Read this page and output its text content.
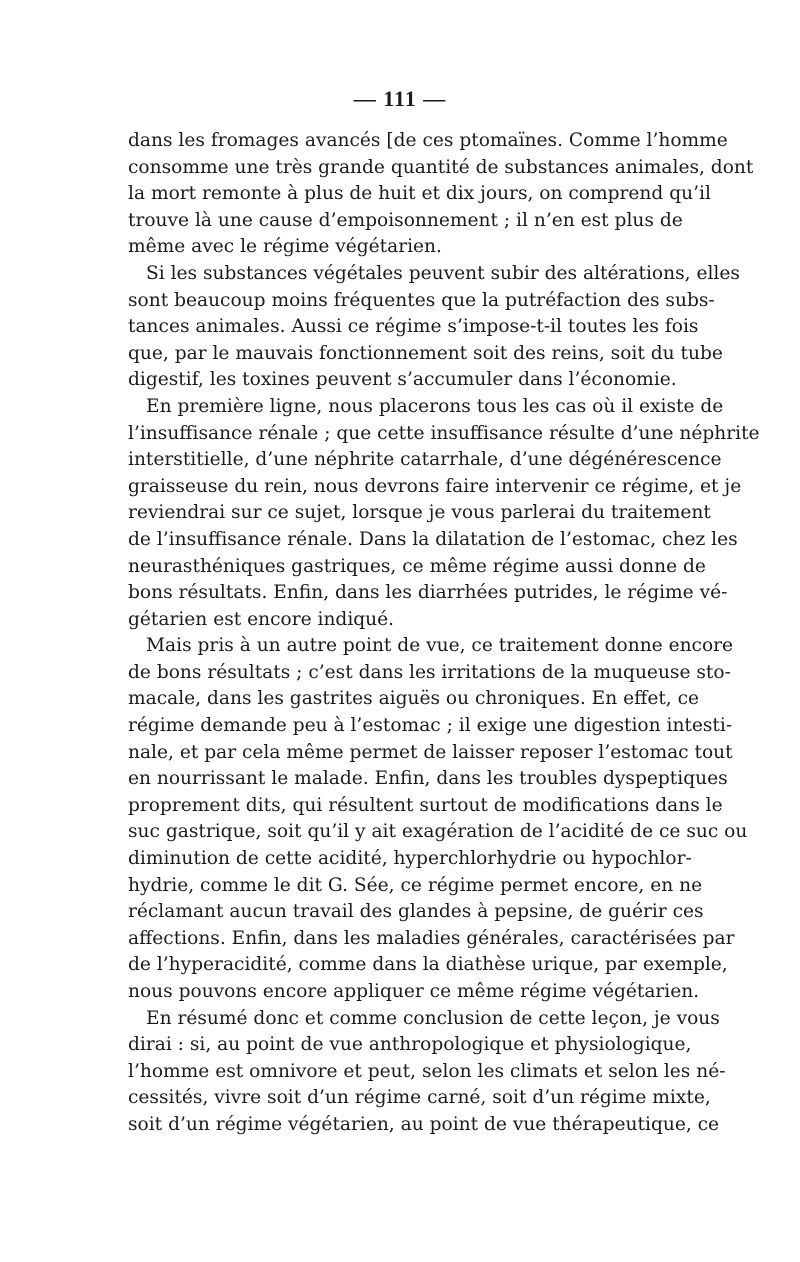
— 111 —
dans les fromages avancés [de ces ptomaïnes. Comme l’homme
consomme une très grande quantité de substances animales, dont
la mort remonte à plus de huit et dix jours, on comprend qu’il
trouve là une cause d’empoisonnement ; il n’en est plus de
même avec le régime végétarien.
Si les substances végétales peuvent subir des altérations, elles
sont beaucoup moins fréquentes que la putréfaction des subs-
tances animales. Aussi ce régime s’impose-t-il toutes les fois
que, par le mauvais fonctionnement soit des reins, soit du tube
digestif, les toxines peuvent s’accumuler dans l’économie.
En première ligne, nous placerons tous les cas où il existe de
l’insuffisance rénale ; que cette insuffisance résulte d’une néphrite
interstitielle, d’une néphrite catarrhale, d’une dégénérescence
graisseuse du rein, nous devrons faire intervenir ce régime, et je
reviendrai sur ce sujet, lorsque je vous parlerai du traitement
de l’insuffisance rénale. Dans la dilatation de l’estomac, chez les
neurasthéniques gastriques, ce même régime aussi donne de
bons résultats. Enfin, dans les diarrhées putrides, le régime vé-
gétarien est encore indiqué.
Mais pris à un autre point de vue, ce traitement donne encore
de bons résultats ; c’est dans les irritations de la muqueuse sto-
macale, dans les gastrites aiguës ou chroniques. En effet, ce
régime demande peu à l’estomac ; il exige une digestion intesti-
nale, et par cela même permet de laisser reposer l’estomac tout
en nourrissant le malade. Enfin, dans les troubles dyspeptiques
proprement dits, qui résultent surtout de modifications dans le
suc gastrique, soit qu’il y ait exagération de l’acidité de ce suc ou
diminution de cette acidité, hyperchlorhydrie ou hypochlor-
hydrie, comme le dit G. Sée, ce régime permet encore, en ne
réclamant aucun travail des glandes à pepsine, de guérir ces
affections. Enfin, dans les maladies générales, caractérisées par
de l’hyperacidité, comme dans la diathèse urique, par exemple,
nous pouvons encore appliquer ce même régime végétarien.
En résumé donc et comme conclusion de cette leçon, je vous
dirai : si, au point de vue anthropologique et physiologique,
l’homme est omnivore et peut, selon les climats et selon les né-
cessités, vivre soit d’un régime carné, soit d’un régime mixte,
soit d’un régime végétarien, au point de vue thérapeutique, ce
